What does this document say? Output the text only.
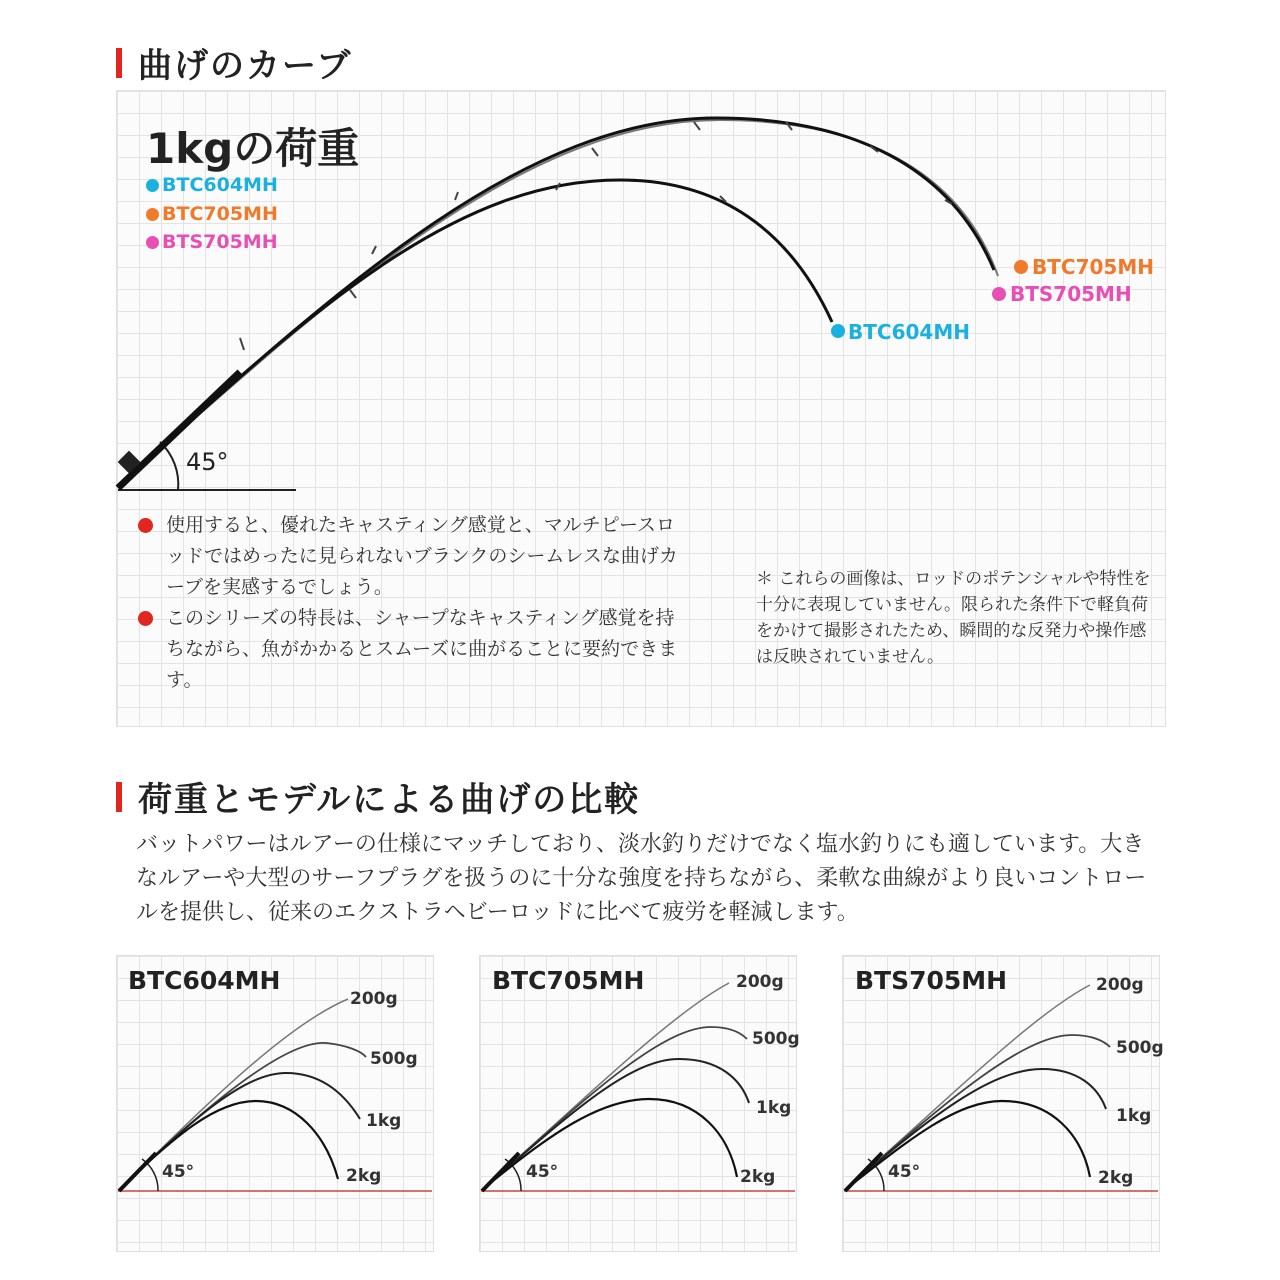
曲げのカーブ
1kgの荷重
BTC604MH
BTC705MH
BTS705MH
45°
BTC705MH
BTS705MH
BTC604MH
使用すると、優れたキャスティング感覚と、マルチピースロッドではめったに見られないブランクのシームレスな曲げカーブを実感するでしょう。
このシリーズの特長は、シャープなキャスティング感覚を持ちながら、魚がかかるとスムーズに曲がることに要約できます。
＊ これらの画像は、ロッドのポテンシャルや特性を十分に表現していません。限られた条件下で軽負荷をかけて撮影されたため、瞬間的な反発力や操作感は反映されていません。
荷重とモデルによる曲げの比較
バットパワーはルアーの仕様にマッチしており、淡水釣りだけでなく塩水釣りにも適しています。大きなルアーや大型のサーフプラグを扱うのに十分な強度を持ちながら、柔軟な曲線がより良いコントロールを提供し、従来のエクストラヘビーロッドに比べて疲労を軽減します。
BTC604MH
45°
200g
500g
1kg
2kg
BTC705MH
45°
200g
500g
1kg
2kg
BTS705MH
45°
200g
500g
1kg
2kg
